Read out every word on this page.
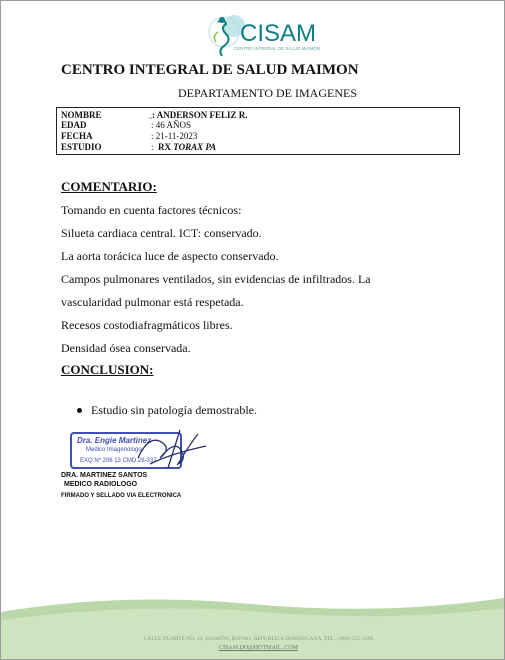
CISAM
CENTRO INTEGRAL DE SALUD MAIMON
CENTRO INTEGRAL DE SALUD MAIMON
DEPARTAMENTO DE IMAGENES
NOMBRE	ᴗ : ANDERSON FELIZ R.
EDAD	: 46 AÑOS
FECHA	: 21-11-2023
ESTUDIO	: RX TORAX PA
COMENTARIO:
Tomando en cuenta factores técnicos:
Silueta cardiaca central. ICT: conservado.
La aorta torácica luce de aspecto conservado.
Campos pulmonares ventilados, sin evidencias de infiltrados. La
vascularidad pulmonar está respetada.
Recesos costodiafragmáticos libres.
Densidad ósea conservada.
CONCLUSION:
Estudio sin patología demostrable.
Dra. Engie Martinez
Medico Imagenologo
EXQ Nº 206 13 CMD 28-337
DRA. MARTINEZ SANTOS
MEDICO RADIOLOGO
FIRMADO Y SELLADO VIA ELECTRONICA
CALLE DUARTE NO. 13, MAIMÓN, BONAO, REPUBLICA DOMINICANA, TEL.: (809)-551-2196
CISAM.DO@HOTMAIL .COM
